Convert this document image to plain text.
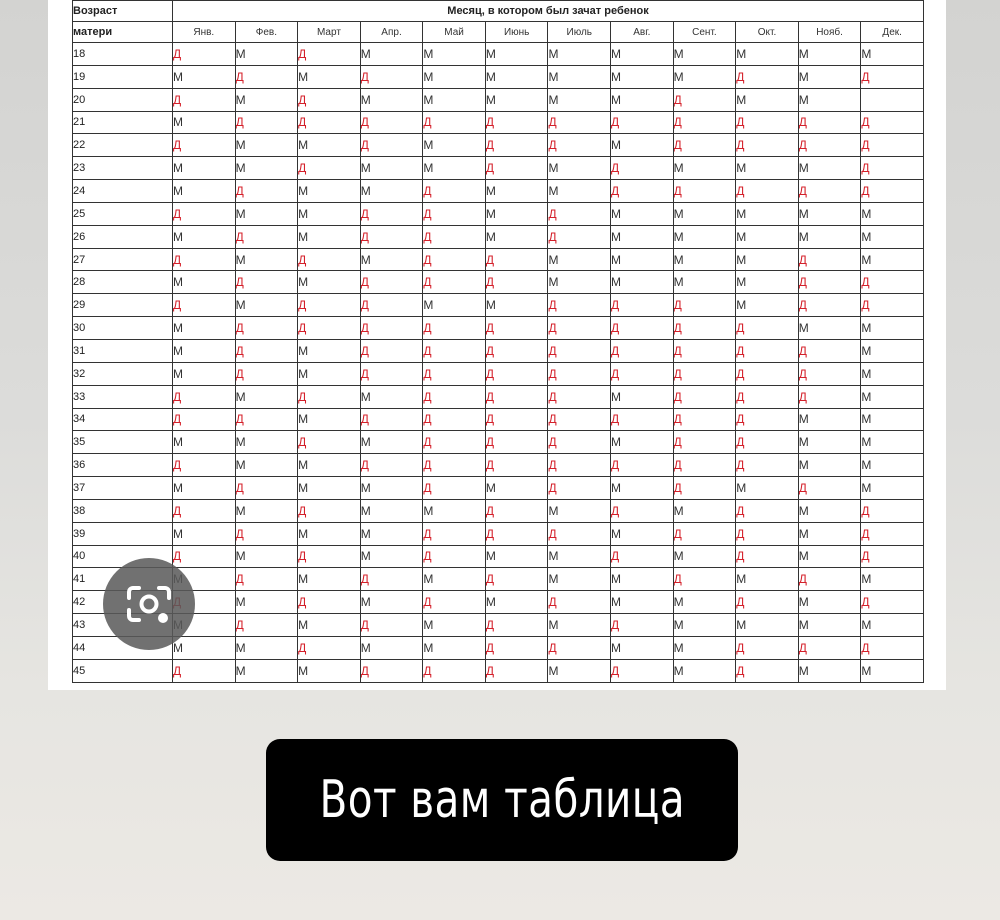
Возраст	Месяц, в котором был зачат ребенок											
матери	Янв.	Фев.	Март	Апр.	Май	Июнь	Июль	Авг.	Сент.	Окт.	Нояб.	Дек.
18	Д	М	Д	М	М	М	М	М	М	М	М	М
19	М	Д	М	Д	М	М	М	М	М	Д	М	Д
20	Д	М	Д	М	М	М	М	М	Д	М	М	
21	М	Д	Д	Д	Д	Д	Д	Д	Д	Д	Д	Д
22	Д	М	М	Д	М	Д	Д	М	Д	Д	Д	Д
23	М	М	Д	М	М	Д	М	Д	М	М	М	Д
24	М	Д	М	М	Д	М	М	Д	Д	Д	Д	Д
25	Д	М	М	Д	Д	М	Д	М	М	М	М	М
26	М	Д	М	Д	Д	М	Д	М	М	М	М	М
27	Д	М	Д	М	Д	Д	М	М	М	М	Д	М
28	М	Д	М	Д	Д	Д	М	М	М	М	Д	Д
29	Д	М	Д	Д	М	М	Д	Д	Д	М	Д	Д
30	М	Д	Д	Д	Д	Д	Д	Д	Д	Д	М	М
31	М	Д	М	Д	Д	Д	Д	Д	Д	Д	Д	М
32	М	Д	М	Д	Д	Д	Д	Д	Д	Д	Д	М
33	Д	М	Д	М	Д	Д	Д	М	Д	Д	Д	М
34	Д	Д	М	Д	Д	Д	Д	Д	Д	Д	М	М
35	М	М	Д	М	Д	Д	Д	М	Д	Д	М	М
36	Д	М	М	Д	Д	Д	Д	Д	Д	Д	М	М
37	М	Д	М	М	Д	М	Д	М	Д	М	Д	М
38	Д	М	Д	М	М	Д	М	Д	М	Д	М	Д
39	М	Д	М	М	Д	Д	Д	М	Д	Д	М	Д
40	Д	М	Д	М	Д	М	М	Д	М	Д	М	Д
41		Д	М	Д	М	Д	М	М	Д	М	Д	М
42		М	Д	М	Д	М	Д	М	М	Д	М	Д
43		Д	М	Д	М	Д	М	Д	М	М	М	М
44	М	М	Д	М	М	Д	Д	М	М	Д	Д	Д
45	Д	М	М	Д	Д	Д	М	Д	М	Д	М	М
Вот вам таблица
